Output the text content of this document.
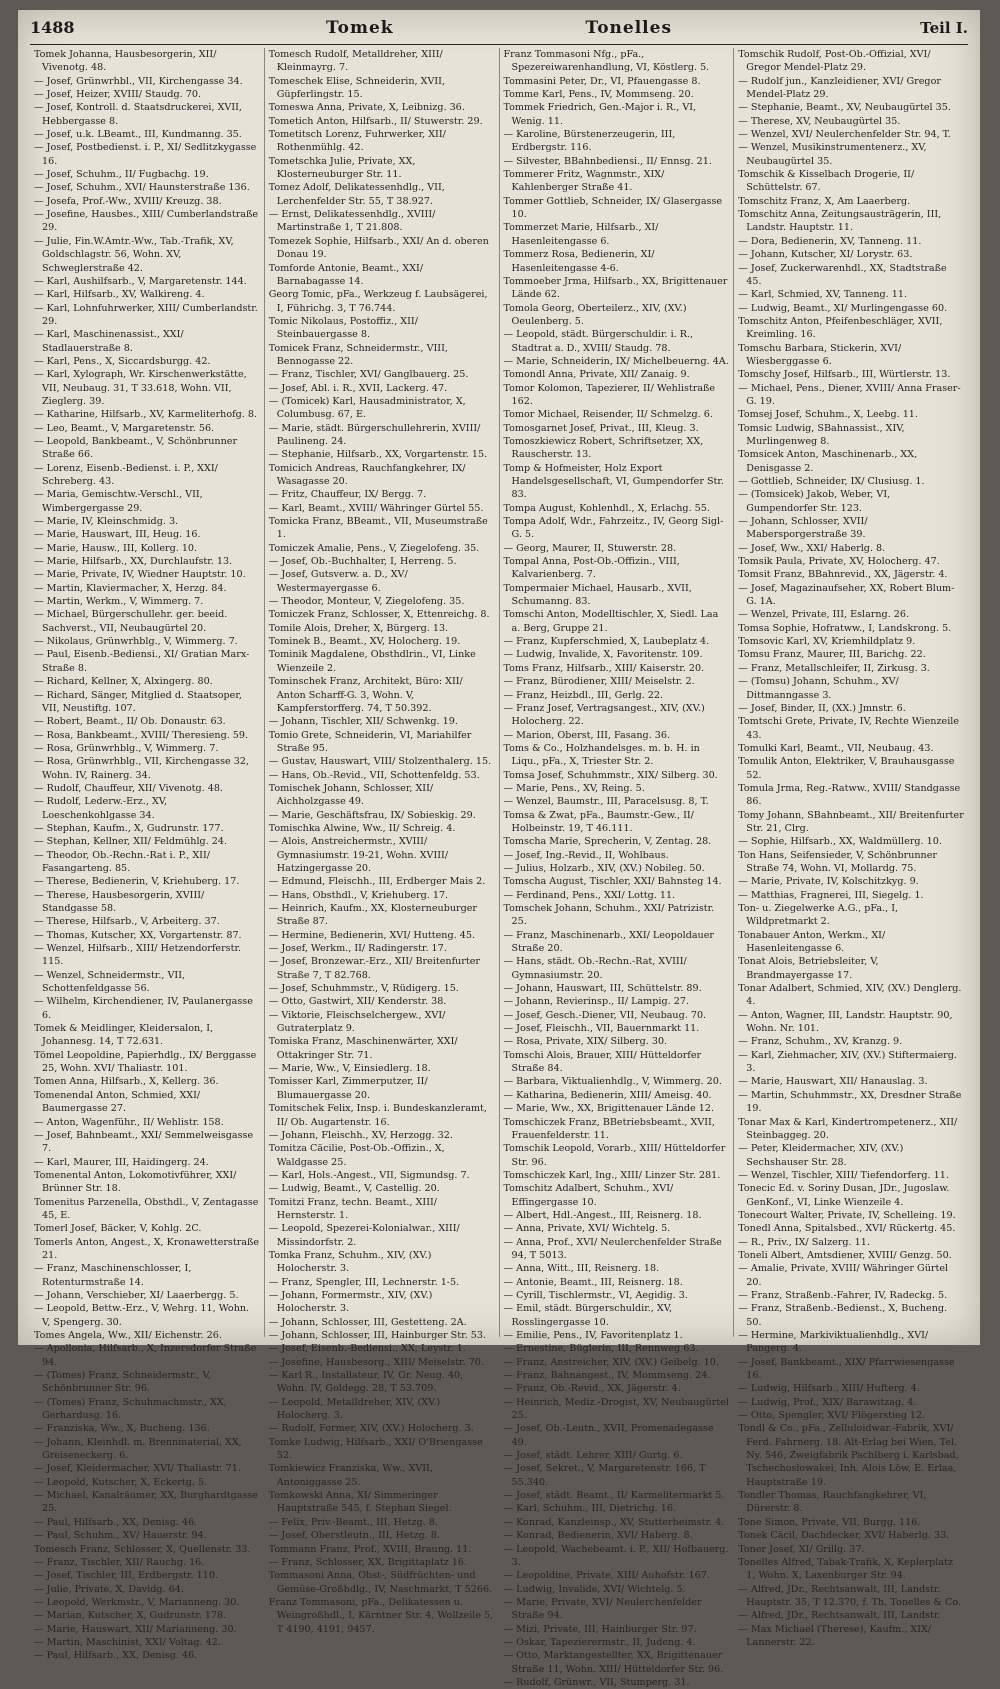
1488	Tomek	Tonelles	Teil I.

Tomek Johanna, Hausbesorgerin, XII/ Vivenotg. 48.

— Josef, Grünwrhbl., VII, Kirchengasse 34.

— Josef, Heizer, XVIII/ Staudg. 70.

— Josef, Kontroll. d. Staatsdruckerei, XVII, Hebbergasse 8.

— Josef, u.k. LBeamt., III, Kundmanng. 35.

— Josef, Postbedienst. i. P., XI/ Sedlitzkygasse 16.

— Josef, Schuhm., II/ Fugbachg. 19.

— Josef, Schuhm., XVI/ Haunsterstraße 136.

— Josefa, Prof.-Ww., XVIII/ Kreuzg. 38.

— Josefine, Hausbes., XIII/ Cumberlandstraße 29.

— Julie, Fin.W.Amtr.-Ww., Tab.-Trafik, XV, Goldschlagstr. 56, Wohn. XV, Schweglerstraße 42.

— Karl, Aushilfsarb., V, Margaretenstr. 144.

— Karl, Hilfsarb., XV, Walkireng. 4.

— Karl, Lohnfuhrwerker, XIII/ Cumberlandstr. 29.

— Karl, Maschinenassist., XXI/ Stadlauerstraße 8.

— Karl, Pens., X, Siccardsburgg. 42.

— Karl, Xylograph, Wr. Kirschenwerkstätte, VII, Neubaug. 31, T 33.618, Wohn. VII, Zieglerg. 39.

— Katharine, Hilfsarb., XV, Karmeliterhofg. 8.

— Leo, Beamt., V, Margaretenstr. 56.

— Leopold, Bankbeamt., V, Schönbrunner Straße 66.

— Lorenz, Eisenb.-Bedienst. i. P., XXI/ Schreberg. 43.

— Maria, Gemischtw.-Verschl., VII, Wimbergergasse 29.

— Marie, IV, Kleinschmidg. 3.

— Marie, Hauswart, III, Heug. 16.

— Marie, Hausw., III, Kollerg. 10.

— Marie, Hilfsarb., XX, Durchlaufstr. 13.

— Marie, Private, IV, Wiedner Hauptstr. 10.

— Martin, Klaviermacher, X, Herzg. 84.

— Martin, Werkm., V, Wimmerg. 7.

— Michael, Bürgerschullehr. ger. beeid. Sachverst., VII, Neubaugürtel 20.

— Nikolaus, Grünwrhblg., V, Wimmerg. 7.

— Paul, Eisenb.-Bediensi., XI/ Gratian Marx-Straße 8.

— Richard, Kellner, X, Alxingerg. 80.

— Richard, Sänger, Mitglied d. Staatsoper, VII, Neustiftg. 107.

— Robert, Beamt., II/ Ob. Donaustr. 63.

— Rosa, Bankbeamt., XVIII/ Theresieng. 59.

— Rosa, Grünwrhblg., V, Wimmerg. 7.

— Rosa, Grünwrhblg., VII, Kirchengasse 32, Wohn. IV, Rainerg. 34.

— Rudolf, Chauffeur, XII/ Vivenotg. 48.

— Rudolf, Lederw.-Erz., XV, Loeschenkohlgasse 34.

— Stephan, Kaufm., X, Gudrunstr. 177.

— Stephan, Kellner, XII/ Feldmühlg. 24.

— Theodor, Ob.-Rechn.-Rat i. P., XII/ Fasangarteng. 85.

— Therese, Bedienerin, V, Kriehuberg. 17.

— Therese, Hausbesorgerin, XVIII/ Standgasse 58.

— Therese, Hilfsarb., V, Arbeiterg. 37.

— Thomas, Kutscher, XX, Vorgartenstr. 87.

— Wenzel, Hilfsarb., XIII/ Hetzendorferstr. 115.

— Wenzel, Schneidermstr., VII, Schottenfeldgasse 56.

— Wilhelm, Kirchendiener, IV, Paulanergasse 6.

Tomek & Meidlinger, Kleidersalon, I, Johannesg. 14, T 72.631.

Tömel Leopoldine, Papierhdlg., IX/ Berggasse 25, Wohn. XVI/ Thaliastr. 101.

Tomen Anna, Hilfsarb., X, Kellerg. 36.

Tomenendal Anton, Schmied, XXI/ Baumergasse 27.

— Anton, Wagenführ., II/ Wehlistr. 158.

— Josef, Bahnbeamt., XXI/ Semmelweisgasse 7.

— Karl, Maurer, III, Haidingerg. 24.

Tomenental Anton, Lokomotivführer, XXI/ Brünner Str. 18.

Tomenitus Parzenella, Obsthdl., V, Zentagasse 45, E.

Tomerl Josef, Bäcker, V, Kohlg. 2C.

Tomerls Anton, Angest., X, Kronawetterstraße 21.

— Franz, Maschinenschlosser, I, Rotenturmstraße 14.

— Johann, Verschieber, XI/ Laaerbergg. 5.

— Leopold, Bettw.-Erz., V, Wehrg. 11, Wohn. V, Spengerg. 30.

Tomes Angela, Ww., XII/ Eichenstr. 26.

— Apollonia, Hilfsarb., X, Inzersdorfer Straße 94.

— (Tomes) Franz, Schneidermstr., V, Schönbrunner Str. 96.

— (Tomes) Franz, Schuhmachmstr., XX, Gerhardusg. 16.

— Franziska, Ww., X, Bucheng. 136.

— Johann, Kleinhdl. m. Brennmaterial, XX, Greiseneckerg. 6.

— Josef, Kleidermacher, XVI/ Thaliastr. 71.

— Leopold, Kutscher, X, Eckertg. 5.

— Michael, Kanalräumer, XX, Burghardtgasse 25.

— Paul, Hilfsarb., XX, Denisg. 46.

— Paul, Schuhm., XV/ Hauerstr. 94.

Tomesch Franz, Schlosser, X, Quellenstr. 33.

— Franz, Tischler, XII/ Rauchg. 16.

— Josef, Tischler, III, Erdbergstr. 110.

— Julie, Private, X, Davidg. 64.

— Leopold, Werkmstr., V, Marianneng. 30.

— Marian, Kutscher, X, Gudrunstr. 178.

— Marie, Hauswart, XII/ Marianneng. 30.

— Martin, Maschinist, XXI/ Voltag. 42.

— Paul, Hilfsarb., XX, Denisg. 46.

Tomesch Rudolf, Metalldreher, XIII/ Kleinmayrg. 7.

Tomeschek Elise, Schneiderin, XVII, Güpferlingstr. 15.

Tomeswa Anna, Private, X, Leibnizg. 36.

Tometich Anton, Hilfsarb., II/ Stuwerstr. 29.

Tometitsch Lorenz, Fuhrwerker, XII/ Rothenmühlg. 42.

Tometschka Julie, Private, XX, Klosterneuburger Str. 11.

Tomez Adolf, Delikatessenhdlg., VII, Lerchenfelder Str. 55, T 38.927.

— Ernst, Delikatessenhdlg., XVIII/ Martinstraße 1, T 21.808.

Tomezek Sophie, Hilfsarb., XXI/ An d. oberen Donau 19.

Tomforde Antonie, Beamt., XXI/ Barnabagasse 14.

Georg Tomic, pFa., Werkzeug f. Laubsägerei, I, Führichg. 3, T 76.744.

Tomic Nikolaus, Postoffiz., XII/ Steinbauergasse 8.

Tomicek Franz, Schneidermstr., VIII, Bennogasse 22.

— Franz, Tischler, XVI/ Ganglbauerg. 25.

— Josef, Abl. i. R., XVII, Lackerg. 47.

— (Tomicek) Karl, Hausadministrator, X, Columbusg. 67, E.

— Marie, städt. Bürgerschullehrerin, XVIII/ Paulineng. 24.

— Stephanie, Hilfsarb., XX, Vorgartenstr. 15.

Tomicich Andreas, Rauchfangkehrer, IX/ Wasagasse 20.

— Fritz, Chauffeur, IX/ Bergg. 7.

— Karl, Beamt., XVIII/ Währinger Gürtel 55.

Tomicka Franz, BBeamt., VII, Museumstraße 1.

Tomiczek Amalie, Pens., V, Ziegelofeng. 35.

— Josef, Ob.-Buchhalter, I, Herreng. 5.

— Josef, Gutsverw. a. D., XV/ Westermayergasse 6.

— Theodor, Monteur, V, Ziegelofeng. 35.

Tomiczek Franz, Schlosser, X, Ettenreichg. 8.

Tomile Alois, Dreher, X, Bürgerg. 13.

Tominek B., Beamt., XV, Holocherg. 19.

Tominik Magdalene, Obsthdlrin., VI, Linke Wienzeile 2.

Tominschek Franz, Architekt, Büro: XII/ Anton Scharff-G. 3, Wohn. V, Kampferstorfferg. 74, T 50.392.

— Johann, Tischler, XII/ Schwenkg. 19.

Tomio Grete, Schneiderin, VI, Mariahilfer Straße 95.

— Gustav, Hauswart, VIII/ Stolzenthalerg. 15.

— Hans, Ob.-Revid., VII, Schottenfeldg. 53.

Tomischek Johann, Schlosser, XII/ Aichholzgasse 49.

— Marie, Geschäftsfrau, IX/ Sobieskig. 29.

Tomischka Alwine, Ww., II/ Schreig. 4.

— Alois, Anstreichermstr., XVIII/ Gymnasiumstr. 19-21, Wohn. XVIII/ Hatzingergasse 20.

— Edmund, Fleischh., III, Erdberger Mais 2.

— Hans, Obsthdl., V, Kriehuberg. 17.

— Heinrich, Kaufm., XX, Klosterneuburger Straße 87.

— Hermine, Bedienerin, XVI/ Hutteng. 45.

— Josef, Werkm., II/ Radingerstr. 17.

— Josef, Bronzewar.-Erz., XII/ Breitenfurter Straße 7, T 82.768.

— Josef, Schuhmmstr., V, Rüdigerg. 15.

— Otto, Gastwirt, XII/ Kenderstr. 38.

— Viktorie, Fleischselchergew., XVI/ Gutraterplatz 9.

Tomiska Franz, Maschinenwärter, XXI/ Ottakringer Str. 71.

— Marie, Ww., V, Einsiedlerg. 18.

Tomisser Karl, Zimmerputzer, II/ Blumauergasse 20.

Tomitschek Felix, Insp. i. Bundeskanzleramt, II/ Ob. Augartenstr. 16.

— Johann, Fleischh., XV, Herzogg. 32.

Tomitza Cäcilie, Post-Ob.-Offizin., X, Waldgasse 25.

— Karl, Hols.-Angest., VII, Sigmundsg. 7.

— Ludwig, Beamt., V, Castellig. 20.

Tomitzi Franz, techn. Beamt., XIII/ Hernsterstr. 1.

— Leopold, Spezerei-Kolonialwar., XIII/ Missindorfstr. 2.

Tomka Franz, Schuhm., XIV, (XV.) Holocherstr. 3.

— Franz, Spengler, III, Lechnerstr. 1-5.

— Johann, Formermstr., XIV, (XV.) Holocherstr. 3.

— Johann, Schlosser, III, Gestetteng. 2A.

— Johann, Schlosser, III, Hainburger Str. 53.

— Josef, Eisenb.-Bediensi., XX, Leystr. 1.

— Josefine, Hausbesorg., XIII/ Meiselstr. 70.

— Karl R., Installateur, IV, Gr. Neug. 40, Wohn. IV, Goldegg. 28, T 53.709.

— Leopold, Metalldreher, XIV, (XV.) Holocherg. 3.

— Rudolf, Former, XIV, (XV.) Holocherg. 3.

Tomke Ludwig, Hilfsarb., XXI/ O'Briengasse 52.

Tomkiewicz Franziska, Ww., XVII, Antoniggasse 25.

Tomkowski Anna, XI/ Simmeringer Hauptstraße 545, f. Stephan Siegel.

— Felix, Priv.-Beamt., III, Hetzg. 8.

— Josef, Oberstleutn., III, Hetzg. 8.

Tommann Franz, Prof., XVIII, Braung. 11.

— Franz, Schlosser, XX, Brigittaplatz 16.

Tommasoni Anna, Obst-, Südfrüchten- und Gemüse-Großhdlg., IV, Naschmarkt, T 5266.

Franz Tommasoni, pFa., Delikatessen u. Weingroßhdl., I, Kärntner Str. 4, Wollzeile 5, T 4190, 4191, 9457.

Franz Tommasoni Nfg., pFa., Spezereiwarenhandlung, VI, Köstlerg. 5.

Tommasini Peter, Dr., VI, Pfauengasse 8.

Tomme Karl, Pens., IV, Mommseng. 20.

Tommek Friedrich, Gen.-Major i. R., VI, Wenig. 11.

— Karoline, Bürstenerzeugerin, III, Erdbergstr. 116.

— Silvester, BBahnbediensi., II/ Ennsg. 21.

Tommerer Fritz, Wagnmstr., XIX/ Kahlenberger Straße 41.

Tommer Gottlieb, Schneider, IX/ Glasergasse 10.

Tommerzet Marie, Hilfsarb., XI/ Hasenleitengasse 6.

Tommerz Rosa, Bedienerin, XI/ Hasenleitengasse 4-6.

Tommoeber Jrma, Hilfsarb., XX, Brigittenauer Lände 62.

Tomola Georg, Oberteilerz., XIV, (XV.) Oeulenberg. 5.

— Leopold, städt. Bürgerschuldir. i. R., Stadtrat a. D., XVIII/ Staudg. 78.

— Marie, Schneiderin, IX/ Michelbeuerng. 4A.

Tomondl Anna, Private, XII/ Zanaig. 9.

Tomor Kolomon, Tapezierer, II/ Wehlistraße 162.

Tomor Michael, Reisender, II/ Schmelzg. 6.

Tomosgarnet Josef, Privat., III, Kleug. 3.

Tomoszkiewicz Robert, Schriftsetzer, XX, Rauscherstr. 13.

Tomp & Hofmeister, Holz Export Handelsgesellschaft, VI, Gumpendorfer Str. 83.

Tompa August, Kohlenhdl., X, Erlachg. 55.

Tompa Adolf, Wdr., Fahrzeitz., IV, Georg Sigl-G. 5.

— Georg, Maurer, II, Stuwerstr. 28.

Tompal Anna, Post-Ob.-Offizin., VIII, Kalvarienberg. 7.

Tompermaier Michael, Hausarb., XVII, Schumanng. 83.

Tomschi Anton, Modelltischler, X, Siedl. Laa a. Berg, Gruppe 21.

— Franz, Kupferschmied, X, Laubeplatz 4.

— Ludwig, Invalide, X, Favoritenstr. 109.

Toms Franz, Hilfsarb., XIII/ Kaiserstr. 20.

— Franz, Bürodiener, XIII/ Meiselstr. 2.

— Franz, Heizbdl., III, Gerlg. 22.

— Franz Josef, Vertragsangest., XIV, (XV.) Holocherg. 22.

— Marion, Oberst, III, Fasang. 36.

Toms & Co., Holzhandelsges. m. b. H. in Liqu., pFa., X, Triester Str. 2.

Tomsa Josef, Schuhmmstr., XIX/ Silberg. 30.

— Marie, Pens., XV, Reing. 5.

— Wenzel, Baumstr., III, Paracelsusg. 8, T.

Tomsa & Zwat, pFa., Baumstr.-Gew., II/ Holbeinstr. 19, T 46.111.

Tomscha Marie, Sprecherin, V, Zentag. 28.

— Josef, Ing.-Revid., II, Wohlbaus.

— Julius, Holzarb., XIV, (XV.) Nobileg. 50.

Tomscha August, Tischler, XXI/ Bahnsteg 14.

— Ferdinand, Pens., XXI/ Lottg. 11.

Tomschek Johann, Schuhm., XXI/ Patrizistr. 25.

— Franz, Maschinenarb., XXI/ Leopoldauer Straße 20.

— Hans, städt. Ob.-Rechn.-Rat, XVIII/ Gymnasiumstr. 20.

— Johann, Hauswart, III, Schüttelstr. 89.

— Johann, Revierinsp., II/ Lampig. 27.

— Josef, Gesch.-Diener, VII, Neubaug. 70.

— Josef, Fleischh., VII, Bauernmarkt 11.

— Rosa, Private, XIX/ Silberg. 30.

Tomschi Alois, Brauer, XIII/ Hütteldorfer Straße 84.

— Barbara, Viktualienhdlg., V, Wimmerg. 20.

— Katharina, Bedienerin, XIII/ Ameisg. 40.

— Marie, Ww., XX, Brigittenauer Lände 12.

Tomschiczek Franz, BBetriebsbeamt., XVII, Frauenfelderstr. 11.

Tomschik Leopold, Vorarb., XIII/ Hütteldorfer Str. 96.

Tomschiczek Karl, Ing., XIII/ Linzer Str. 281.

Tomschitz Adalbert, Schuhm., XVI/ Effingergasse 10.

— Albert, Hdl.-Angest., III, Reisnerg. 18.

— Anna, Private, XVI/ Wichtelg. 5.

— Anna, Prof., XVI/ Neulerchenfelder Straße 94, T 5013.

— Anna, Witt., III, Reisnerg. 18.

— Antonie, Beamt., III, Reisnerg. 18.

— Cyrill, Tischlermstr., VI, Aegidig. 3.

— Emil, städt. Bürgerschuldir., XV, Rosslingergasse 10.

— Emilie, Pens., IV, Favoritenplatz 1.

— Ernestine, Büglerin, III, Rennweg 63.

— Franz, Anstreicher, XIV, (XV.) Geibelg. 10.

— Franz, Bahnangest., IV, Mommseng. 24.

— Franz, Ob.-Revid., XX, Jägerstr. 4.

— Heinrich, Mediz.-Drogist, XV, Neubaugürtel 25.

— Josef, Ob.-Leutn., XVII, Promenadegasse 49.

— Josef, städt. Lehrer, XIII/ Gurtg. 6.

— Josef, Sekret., V, Margaretenstr. 166, T 55.340.

— Josef, städt. Beamt., II/ Karmelitermarkt 5.

— Karl, Schuhm., III, Dietrichg. 16.

— Konrad, Kanzleinsp., XV, Stutterheimstr. 4.

— Konrad, Bedienerin, XVI/ Haberg. 8.

— Leopold, Wachebeamt. i. P., XII/ Hofbauerg. 3.

— Leopoldine, Private, XIII/ Auhofstr. 167.

— Ludwig, Invalide, XVI/ Wichtelg. 5.

— Marie, Private, XVI/ Neulerchenfelder Straße 94.

— Mizi, Private, III, Hainburger Str. 97.

— Oskar, Tapezierermstr., II, Judeng. 4.

— Otto, Marktangestellter, XX, Brigittenauer Straße 11, Wohn. XIII/ Hütteldorfer Str. 96.

— Rudolf, Grünwr., VII, Stumperg. 31.

Tomschik Rudolf, Post-Ob.-Offizial, XVI/ Gregor Mendel-Platz 29.

— Rudolf jun., Kanzleidiener, XVI/ Gregor Mendel-Platz 29.

— Stephanie, Beamt., XV, Neubaugürtel 35.

— Therese, XV, Neubaugürtel 35.

— Wenzel, XVI/ Neulerchenfelder Str. 94, T.

— Wenzel, Musikinstrumentenerz., XV, Neubaugürtel 35.

Tomschik & Kisselbach Drogerie, II/ Schüttelstr. 67.

Tomschitz Franz, X, Am Laaerberg.

Tomschitz Anna, Zeitungsausträgerin, III, Landstr. Hauptstr. 11.

— Dora, Bedienerin, XV, Tanneng. 11.

— Johann, Kutscher, XI/ Lorystr. 63.

— Josef, Zuckerwarenhdl., XX, Stadtstraße 45.

— Karl, Schmied, XV, Tanneng. 11.

— Ludwig, Beamt., XI/ Murlingengasse 60.

Tomschitz Anton, Pfeifenbeschläger, XVII, Kreimling. 16.

Tomschu Barbara, Stickerin, XVI/ Wiesberggasse 6.

Tomschy Josef, Hilfsarb., III, Würtlerstr. 13.

— Michael, Pens., Diener, XVIII/ Anna Fraser-G. 19.

Tomsej Josef, Schuhm., X, Leebg. 11.

Tomsic Ludwig, SBahnassist., XIV, Murlingenweg 8.

Tomsicek Anton, Maschinenarb., XX, Denisgasse 2.

— Gottlieb, Schneider, IX/ Clusiusg. 1.

— (Tomsicek) Jakob, Weber, VI, Gumpendorfer Str. 123.

— Johann, Schlosser, XVII/ Mabersporgerstraße 39.

— Josef, Ww., XXI/ Haberlg. 8.

Tomsik Paula, Private, XV, Holocherg. 47.

Tomsit Franz, BBahnrevid., XX, Jägerstr. 4.

— Josef, Magazinaufseher, XX, Robert Blum-G. 1A.

— Wenzel, Private, III, Eslarng. 26.

Tomsa Sophie, Hofratww., I, Landskrong. 5.

Tomsovic Karl, XV, Kriemhildplatz 9.

Tomsu Franz, Maurer, III, Barichg. 22.

— Franz, Metallschleifer, II, Zirkusg. 3.

— (Tomsu) Johann, Schuhm., XV/ Dittmanngasse 3.

— Josef, Binder, II, (XX.) Jmnstr. 6.

Tomtschi Grete, Private, IV, Rechte Wienzeile 43.

Tomulki Karl, Beamt., VII, Neubaug. 43.

Tomulik Anton, Elektriker, V, Brauhausgasse 52.

Tomula Jrma, Reg.-Ratww., XVIII/ Standgasse 86.

Tomy Johann, SBahnbeamt., XII/ Breitenfurter Str. 21, Clrg.

— Sophie, Hilfsarb., XX, Waldmüllerg. 10.

Ton Hans, Seifensieder, V, Schönbrunner Straße 74, Wohn. VI, Mollardg. 75.

— Marie, Private, IV, Kolschitzkyg. 9.

— Matthias, Fragnerei, III, Siegelg. 1.

Ton- u. Ziegelwerke A.G., pFa., I, Wildpretmarkt 2.

Tonabauer Anton, Werkm., XI/ Hasenleitengasse 6.

Tonat Alois, Betriebsleiter, V, Brandmayergasse 17.

Tonar Adalbert, Schmied, XIV, (XV.) Denglerg. 4.

— Anton, Wagner, III, Landstr. Hauptstr. 90, Wohn. Nr. 101.

— Franz, Schuhm., XV, Kranzg. 9.

— Karl, Ziehmacher, XIV, (XV.) Stiftermaierg. 3.

— Marie, Hauswart, XII/ Hanauslag. 3.

— Martin, Schuhmmstr., XX, Dresdner Straße 19.

Tonar Max & Karl, Kindertrompetenerz., XII/ Steinbaggeg. 20.

— Peter, Kleidermacher, XIV, (XV.) Sechshauser Str. 28.

— Wenzel, Tischler, XIII/ Tiefendorferg. 11.

Tonecic Ed. v. Soriny Dusan, JDr., Jugoslaw. GenKonf., VI, Linke Wienzeile 4.

Tonecourt Walter, Private, IV, Schelleing. 19.

Tonedl Anna, Spitalsbed., XVI/ Rückertg. 45.

— R., Priv., IX/ Salzerg. 11.

Toneli Albert, Amtsdiener, XVIII/ Genzg. 50.

— Amalie, Private, XVIII/ Währinger Gürtel 20.

— Franz, Straßenb.-Fahrer, IV, Radeckg. 5.

— Franz, Straßenb.-Bedienst., X, Bucheng. 50.

— Hermine, Markiviktualienhdlg., XVI/ Pangerg. 4.

— Josef, Bankbeamt., XIX/ Pfarrwiesengasse 16.

— Ludwig, Hilfsarb., XIII/ Hufterg. 4.

— Ludwig, Prof., XIX/ Barawitzag. 4.

— Otto, Spengler, XVI/ Flögerstieg 12.

Tondl & Co., pFa., Zelluloidwar.-Fabrik, XVI/ Ferd. Fahrnerg. 18. Alt-Erlag bei Wien, Tel. Ny. 546, Zweigfabrik Pachlberg i. Karlsbad, Tschechoslowakei, Inh. Alois Löw, E. Erlaa, Hauptstraße 19.

Tondler Thomas, Rauchfangkehrer, VI, Dürerstr. 8.

Tone Simon, Private, VII, Burgg. 116.

Tonek Cäcil, Dachdecker, XVI/ Haberlg. 33.

Toner Josef, XI/ Grillg. 37.

Tonelles Alfred, Tabak-Trafik, X, Keplerplatz 1, Wohn. X, Laxenburger Str. 94.

— Alfred, JDr., Rechtsanwalt, III, Landstr. Hauptstr. 35, T 12.370, f. Th. Tonelles & Co.

— Alfred, JDr., Rechtsanwalt, III, Landstr.

— Max Michael (Therese), Kaufm., XIX/ Lannerstr. 22.
